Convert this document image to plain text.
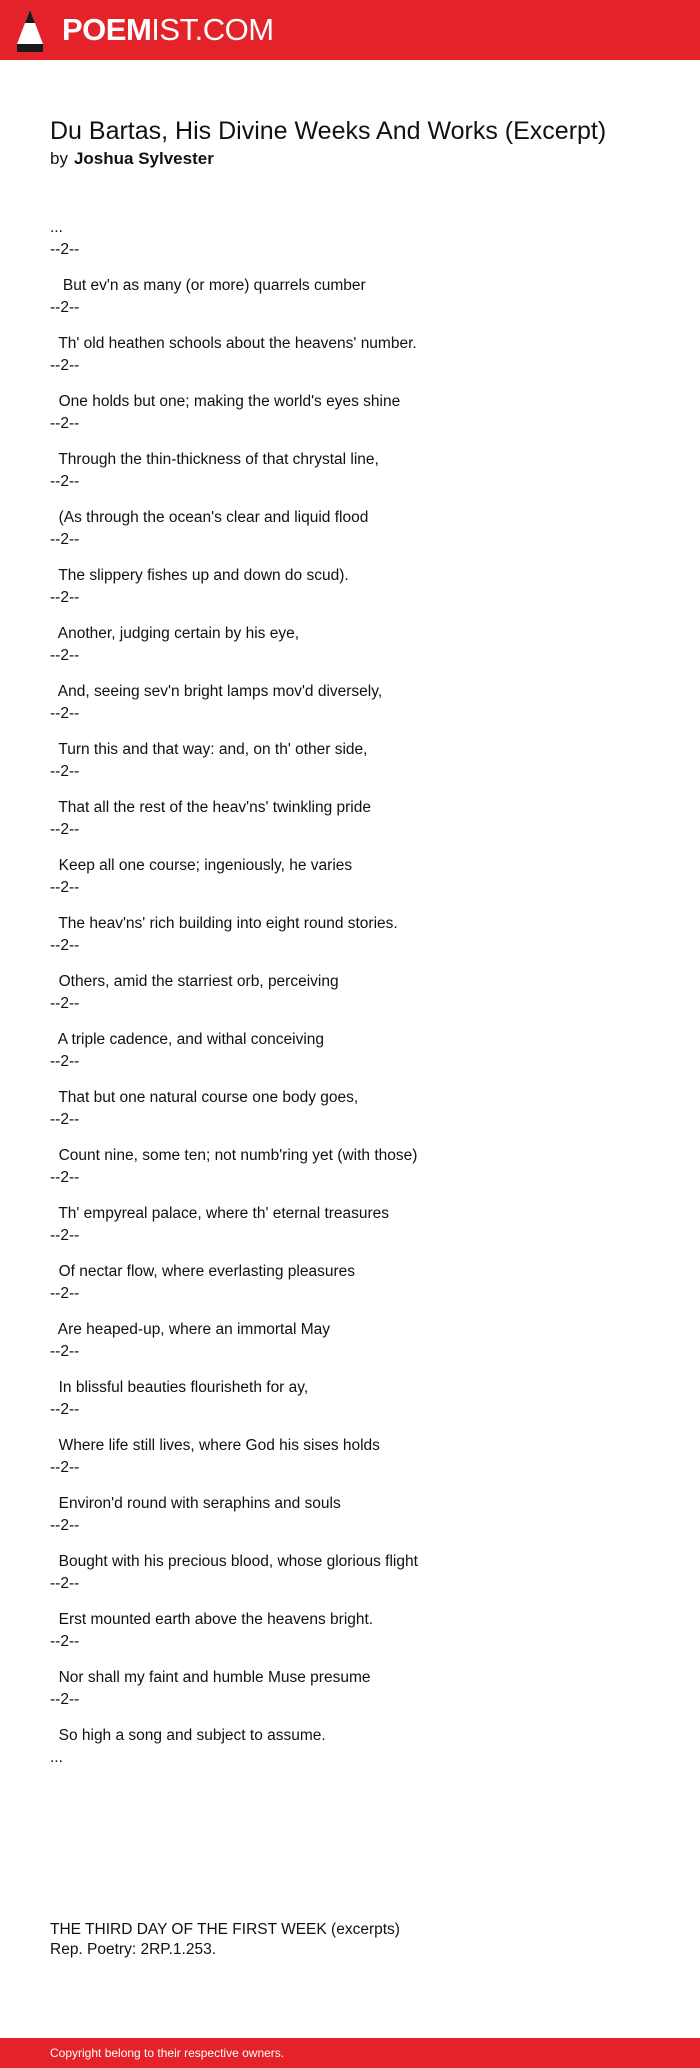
POEMIST.COM
Du Bartas, His Divine Weeks And Works (Excerpt)
by Joshua Sylvester
...
--2--
But ev'n as many (or more) quarrels cumber
--2--
Th' old heathen schools about the heavens' number.
--2--
One holds but one; making the world's eyes shine
--2--
Through the thin-thickness of that chrystal line,
--2--
(As through the ocean's clear and liquid flood
--2--
The slippery fishes up and down do scud).
--2--
Another, judging certain by his eye,
--2--
And, seeing sev'n bright lamps mov'd diversely,
--2--
Turn this and that way: and, on th' other side,
--2--
That all the rest of the heav'ns' twinkling pride
--2--
Keep all one course; ingeniously, he varies
--2--
The heav'ns' rich building into eight round stories.
--2--
Others, amid the starriest orb, perceiving
--2--
A triple cadence, and withal conceiving
--2--
That but one natural course one body goes,
--2--
Count nine, some ten; not numb'ring yet (with those)
--2--
Th' empyreal palace, where th' eternal treasures
--2--
Of nectar flow, where everlasting pleasures
--2--
Are heaped-up, where an immortal May
--2--
In blissful beauties flourisheth for ay,
--2--
Where life still lives, where God his sises holds
--2--
Environ'd round with seraphins and souls
--2--
Bought with his precious blood, whose glorious flight
--2--
Erst mounted earth above the heavens bright.
--2--
Nor shall my faint and humble Muse presume
--2--
So high a song and subject to assume.
...
THE THIRD DAY OF THE FIRST WEEK (excerpts)
Rep. Poetry: 2RP.1.253.
Copyright belong to their respective owners.
